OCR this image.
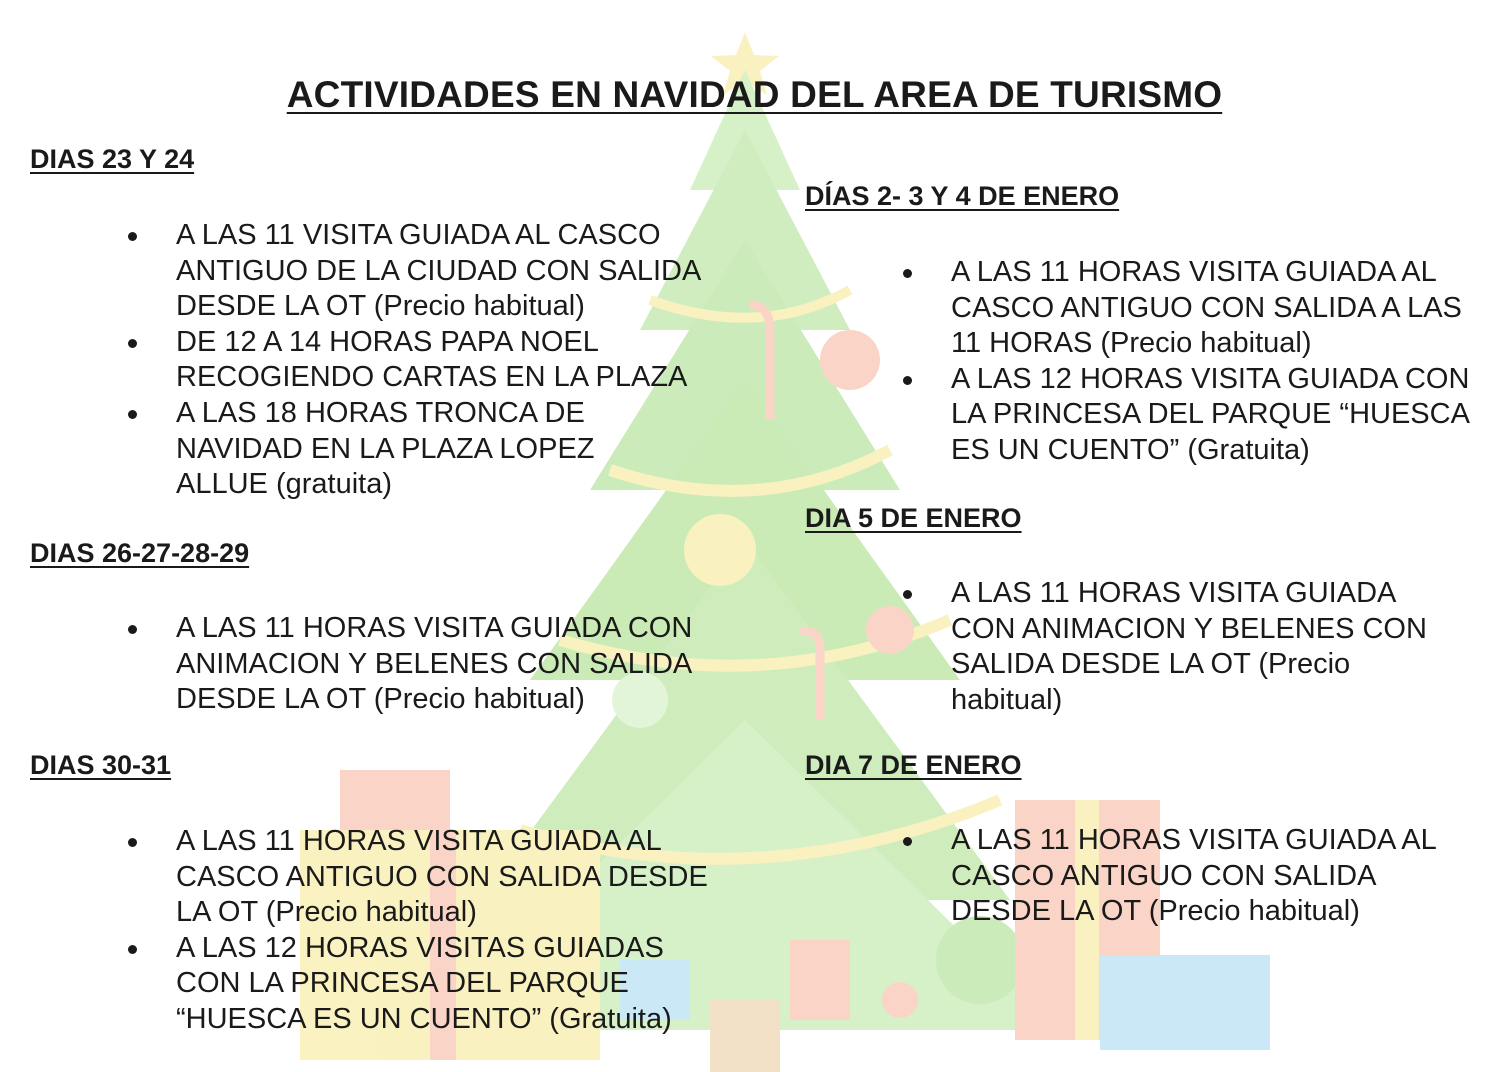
ACTIVIDADES EN NAVIDAD DEL AREA DE TURISMO
DIAS 23 Y 24
A LAS 11 VISITA GUIADA AL CASCO ANTIGUO DE LA CIUDAD CON SALIDA DESDE LA OT (Precio habitual)
DE 12 A 14 HORAS PAPA NOEL RECOGIENDO CARTAS EN LA PLAZA
A LAS 18 HORAS TRONCA DE NAVIDAD EN LA PLAZA LOPEZ ALLUE (gratuita)
DIAS 26-27-28-29
A LAS 11 HORAS VISITA GUIADA CON ANIMACION Y BELENES CON SALIDA DESDE LA OT (Precio habitual)
DIAS 30-31
A LAS 11 HORAS VISITA GUIADA AL CASCO ANTIGUO CON SALIDA DESDE LA OT (Precio habitual)
A LAS 12 HORAS VISITAS GUIADAS CON LA PRINCESA DEL PARQUE “HUESCA ES UN CUENTO” (Gratuita)
DÍAS 2- 3 Y 4 DE ENERO
A LAS 11 HORAS VISITA GUIADA AL CASCO ANTIGUO CON SALIDA A LAS 11 HORAS (Precio habitual)
A LAS 12 HORAS VISITA GUIADA CON LA PRINCESA DEL PARQUE “HUESCA ES UN CUENTO” (Gratuita)
DIA 5 DE ENERO
A LAS 11 HORAS VISITA GUIADA CON ANIMACION Y BELENES CON SALIDA DESDE LA OT (Precio habitual)
DIA 7 DE ENERO
A LAS 11 HORAS VISITA GUIADA AL CASCO ANTIGUO CON SALIDA DESDE LA OT (Precio habitual)
